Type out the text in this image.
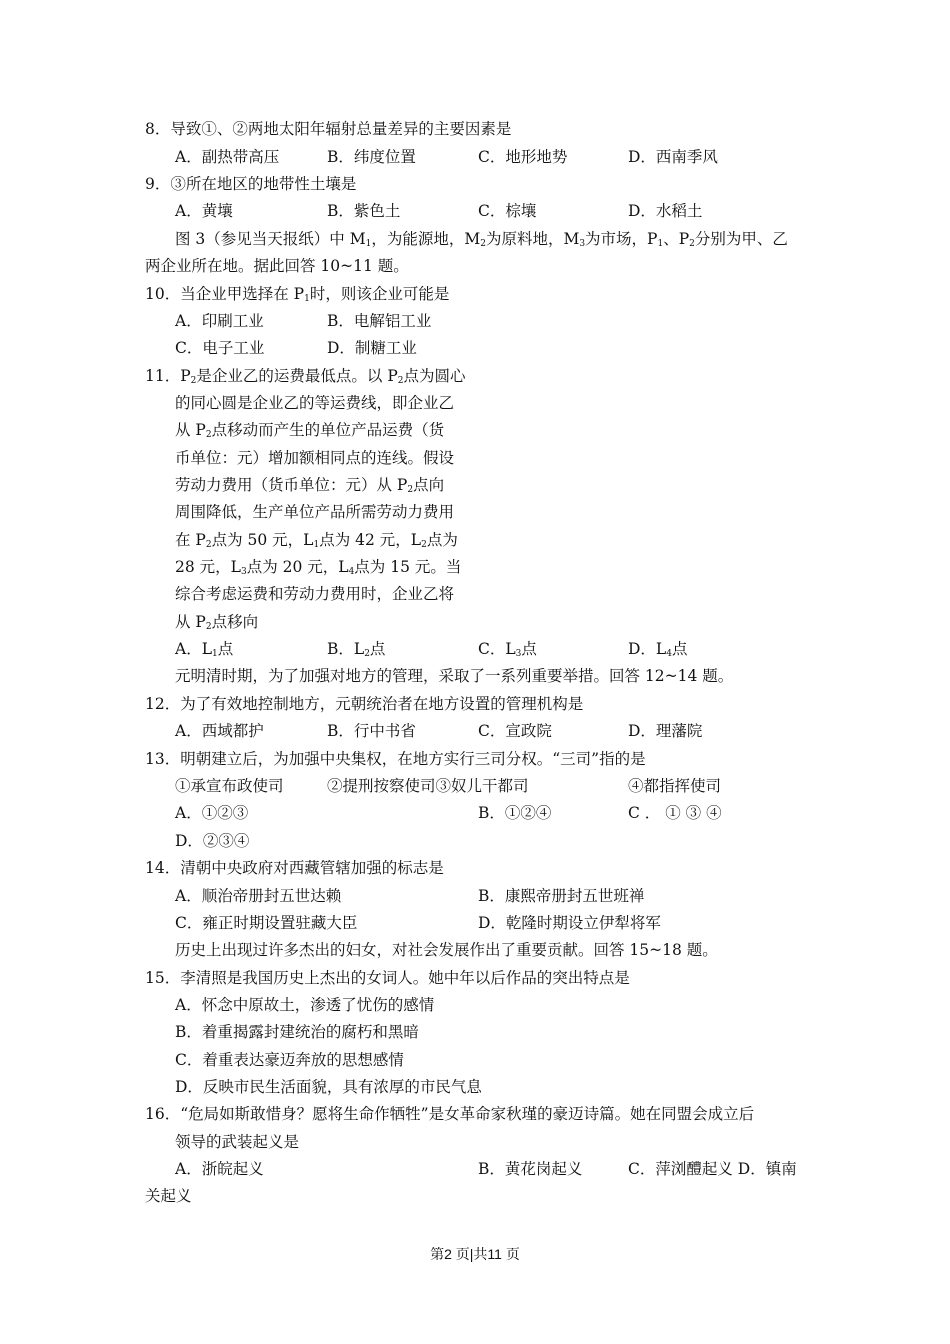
8．导致①、②两地太阳年辐射总量差异的主要因素是
A．副热带高压	B．纬度位置	C．地形地势	D．西南季风
9．③所在地区的地带性土壤是
A．黄壤	B．紫色土	C．棕壤	D．水稻土
图 3（参见当天报纸）中 $M_1$，为能源地，$M_2$为原料地，$M_3$为市场，$P_1$、$P_2$分别为甲、乙
两企业所在地。据此回答 10~11 题。
10．当企业甲选择在 $P_1$时，则该企业可能是
A．印刷工业	B．电解铝工业
C．电子工业	D．制糖工业
11．$P_2$是企业乙的运费最低点。以 $P_2$点为圆心
的同心圆是企业乙的等运费线，即企业乙
从 $P_2$点移动而产生的单位产品运费（货
币单位：元）增加额相同点的连线。假设
劳动力费用（货币单位：元）从 $P_2$点向
周围降低，生产单位产品所需劳动力费用
在 $P_2$点为 50 元，$L_1$点为 42 元，$L_2$点为
28 元，$L_3$点为 20 元，$L_4$点为 15 元。当
综合考虑运费和劳动力费用时，企业乙将
从 $P_2$点移向
A．$L_1$点	B．$L_2$点	C．$L_3$点	D．$L_4$点
元明清时期，为了加强对地方的管理，采取了一系列重要举措。回答 12~14 题。
12．为了有效地控制地方，元朝统治者在地方设置的管理机构是
A．西域都护	B．行中书省	C．宣政院	D．理藩院
13．明朝建立后，为加强中央集权，在地方实行三司分权。“三司”指的是
①承宣布政使司	②提刑按察使司③奴儿干都司	④都指挥使司
A．①②③	B．①②④	C ． ① ③ ④
D．②③④
14．清朝中央政府对西藏管辖加强的标志是
A．顺治帝册封五世达赖	B．康熙帝册封五世班禅
C．雍正时期设置驻藏大臣	D．乾隆时期设立伊犁将军
历史上出现过许多杰出的妇女，对社会发展作出了重要贡献。回答 15~18 题。
15．李清照是我国历史上杰出的女词人。她中年以后作品的突出特点是
A．怀念中原故土，渗透了忧伤的感情
B．着重揭露封建统治的腐朽和黑暗
C．着重表达豪迈奔放的思想感情
D．反映市民生活面貌，具有浓厚的市民气息
16．“危局如斯敢惜身？愿将生命作牺牲”是女革命家秋瑾的豪迈诗篇。她在同盟会成立后
领导的武装起义是
A．浙皖起义	B．黄花岗起义	C．萍浏醴起义 D．镇南
关起义
第2 页|共11 页
